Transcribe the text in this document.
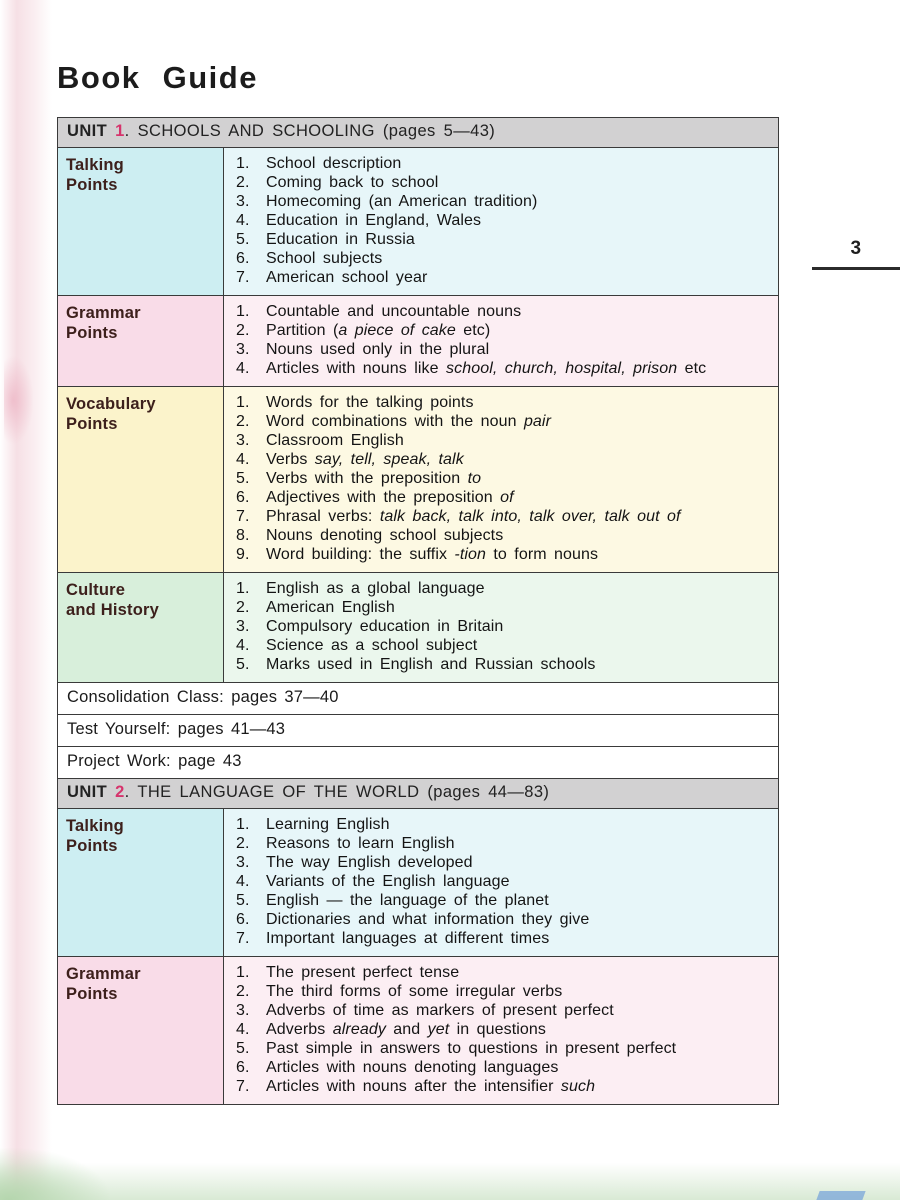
Book Guide
3
UNIT 1. SCHOOLS AND SCHOOLING (pages 5—43)
Talking
Points
1. School description
2. Coming back to school
3. Homecoming (an American tradition)
4. Education in England, Wales
5. Education in Russia
6. School subjects
7. American school year
Grammar
Points
1. Countable and uncountable nouns
2. Partition (a piece of cake etc)
3. Nouns used only in the plural
4. Articles with nouns like school, church, hospital, prison etc
Vocabulary
Points
1. Words for the talking points
2. Word combinations with the noun pair
3. Classroom English
4. Verbs say, tell, speak, talk
5. Verbs with the preposition to
6. Adjectives with the preposition of
7. Phrasal verbs: talk back, talk into, talk over, talk out of
8. Nouns denoting school subjects
9. Word building: the suffix -tion to form nouns
Culture
and History
1. English as a global language
2. American English
3. Compulsory education in Britain
4. Science as a school subject
5. Marks used in English and Russian schools
Consolidation Class: pages 37—40
Test Yourself: pages 41—43
Project Work: page 43
UNIT 2. THE LANGUAGE OF THE WORLD (pages 44—83)
Talking
Points
1. Learning English
2. Reasons to learn English
3. The way English developed
4. Variants of the English language
5. English — the language of the planet
6. Dictionaries and what information they give
7. Important languages at different times
Grammar
Points
1. The present perfect tense
2. The third forms of some irregular verbs
3. Adverbs of time as markers of present perfect
4. Adverbs already and yet in questions
5. Past simple in answers to questions in present perfect
6. Articles with nouns denoting languages
7. Articles with nouns after the intensifier such
